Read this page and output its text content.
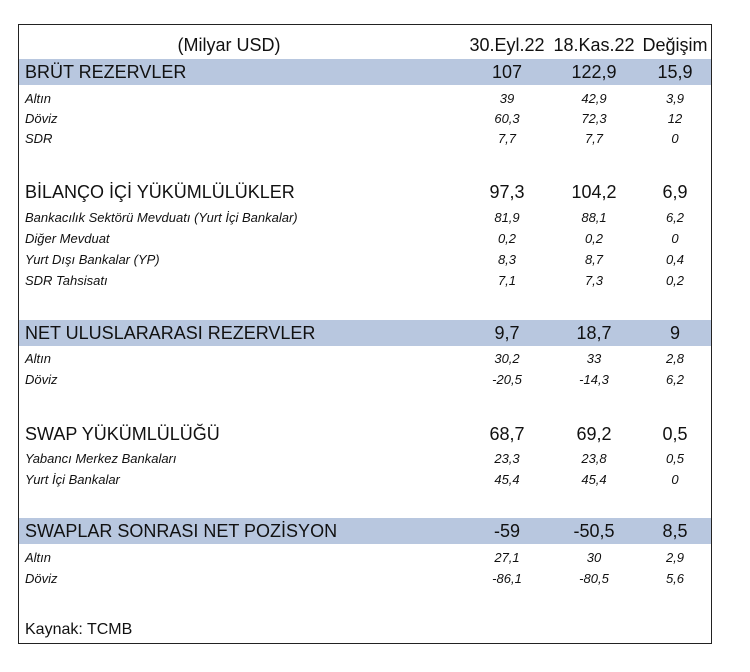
(Milyar USD)	30.Eyl.22 18.Kas.22 Değişim
BRÜT REZERVLER	107	122,9	15,9
Altın	39	42,9	3,9
Döviz	60,3	72,3	12
SDR	7,7	7,7	0
BİLANÇO İÇİ YÜKÜMLÜLÜKLER	97,3	104,2	6,9
Bankacılık Sektörü Mevduatı (Yurt İçi Bankalar)	81,9	88,1	6,2
Diğer Mevduat	0,2	0,2	0
Yurt Dışı Bankalar (YP)	8,3	8,7	0,4
SDR Tahsisatı	7,1	7,3	0,2
NET ULUSLARARASI REZERVLER	9,7	18,7	9
Altın	30,2	33	2,8
Döviz	-20,5	-14,3	6,2
SWAP YÜKÜMLÜLÜĞÜ	68,7	69,2	0,5
Yabancı Merkez Bankaları	23,3	23,8	0,5
Yurt İçi Bankalar	45,4	45,4	0
SWAPLAR SONRASI NET POZİSYON	-59	-50,5	8,5
Altın	27,1	30	2,9
Döviz	-86,1	-80,5	5,6
Kaynak: TCMB
